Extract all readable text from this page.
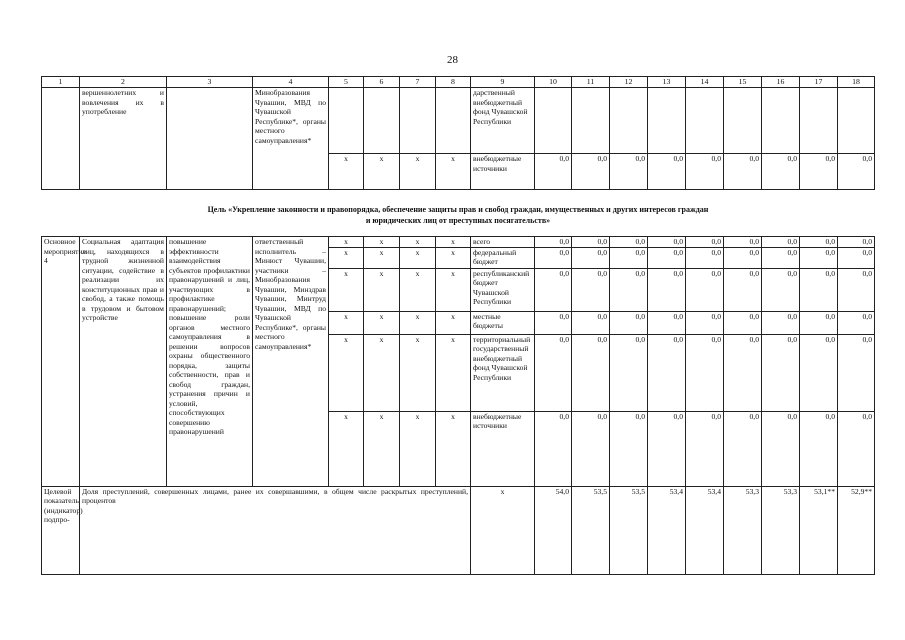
28
1	2	3	4	5	6	7	8	9	10	11	12	13	14	15	16	17	18
	вершеннолетних и вовлечения их в употребление		Минобразования Чувашии, МВД по Чувашской Республике*, органы местного самоуправления*					дарственный внебюджетный фонд Чувашской Республики									
				x	x	x	x	внебюджетные источники	0,0	0,0	0,0	0,0	0,0	0,0	0,0	0,0	0,0

Цель «Укрепление законности и правопорядка, обеспечение защиты прав и свобод граждан, имущественных и других интересов граждан
и юридических лиц от преступных посягательств»																	

Основное мероприятие 4	Социальная адаптация лиц, находящихся в трудной жизненной ситуации, содействие в реализации их конституционных прав и свобод, а также помощь в трудовом и бытовом устройстве	повышение эффективности взаимодействия субъектов профилактики правонарушений и лиц, участвующих в профилактике правонарушений; повышение роли органов местного самоуправления в решении вопросов охраны общественного порядка, защиты собственности, прав и свобод граждан, устранения причин и условий, способствующих совершению правонарушений	ответственный исполнитель – Минюст Чувашии, участники – Минобразования Чувашии, Минздрав Чувашии, Минтруд Чувашии, МВД по Чувашской Республике*, органы местного самоуправления*	x	x	x	x	всего	0,0	0,0	0,0	0,0	0,0	0,0	0,0	0,0	0,0
				x	x	x	x	федеральный бюджет	0,0	0,0	0,0	0,0	0,0	0,0	0,0	0,0	0,0
				x	x	x	x	республиканский бюджет Чувашской Республики	0,0	0,0	0,0	0,0	0,0	0,0	0,0	0,0	0,0
				x	x	x	x	местные бюджеты	0,0	0,0	0,0	0,0	0,0	0,0	0,0	0,0	0,0
				x	x	x	x	территориальный государственный внебюджетный фонд Чувашской Республики	0,0	0,0	0,0	0,0	0,0	0,0	0,0	0,0	0,0
				x	x	x	x	внебюджетные источники	0,0	0,0	0,0	0,0	0,0	0,0	0,0	0,0	0,0
Целевой показатель (индикатор) подпро-	Доля преступлений, совершенных лицами, ранее их совершавшими, в общем числе раскрытых преступлений, процентов							x	54,0	53,5	53,5	53,4	53,4	53,3	53,3	53,1**	52,9**
